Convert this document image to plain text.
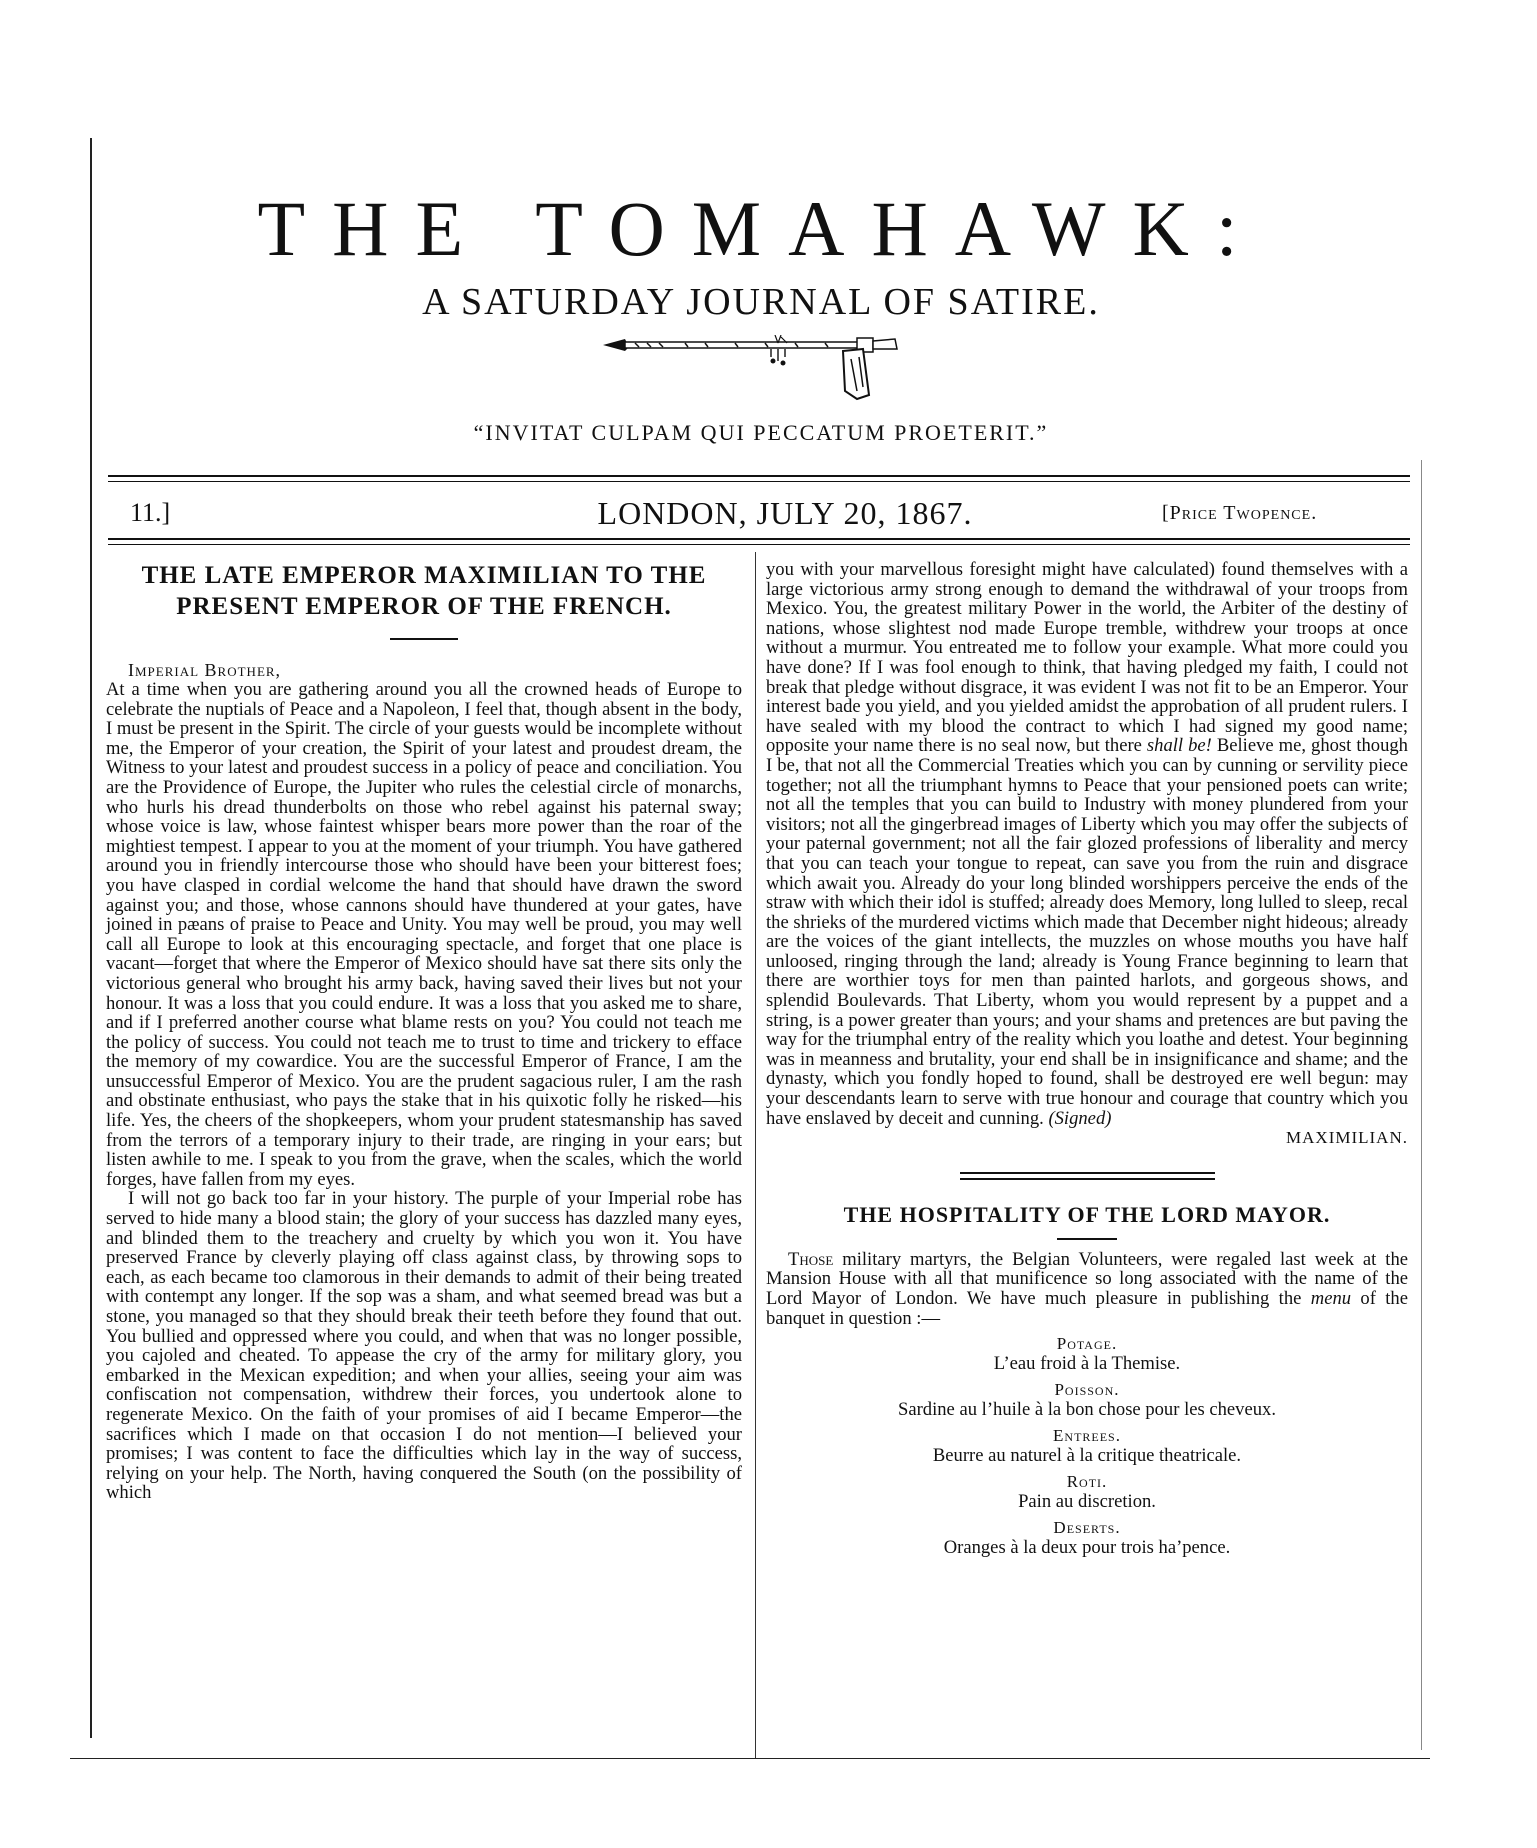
THE TOMAHAWK:
A SATURDAY JOURNAL OF SATIRE.
“INVITAT CULPAM QUI PECCATUM PROETERIT.”
11.]	LONDON, JULY 20, 1867.	[Price Twopence.
THE LATE EMPEROR MAXIMILIAN TO THE PRESENT EMPEROR OF THE FRENCH.

Imperial Brother,

At a time when you are gathering around you all the crowned heads of Europe to celebrate the nuptials of Peace and a Napoleon, I feel that, though absent in the body, I must be present in the Spirit. The circle of your guests would be incomplete without me, the Emperor of your creation, the Spirit of your latest and proudest dream, the Witness to your latest and proudest success in a policy of peace and conciliation. You are the Providence of Europe, the Jupiter who rules the celestial circle of monarchs, who hurls his dread thunderbolts on those who rebel against his paternal sway; whose voice is law, whose faintest whisper bears more power than the roar of the mightiest tempest. I appear to you at the moment of your triumph. You have gathered around you in friendly intercourse those who should have been your bitterest foes; you have clasped in cordial welcome the hand that should have drawn the sword against you; and those, whose cannons should have thundered at your gates, have joined in pæans of praise to Peace and Unity. You may well be proud, you may well call all Europe to look at this encouraging spectacle, and forget that one place is vacant—forget that where the Emperor of Mexico should have sat there sits only the victorious general who brought his army back, having saved their lives but not your honour. It was a loss that you could endure. It was a loss that you asked me to share, and if I preferred another course what blame rests on you? You could not teach me the policy of success. You could not teach me to trust to time and trickery to efface the memory of my cowardice. You are the successful Emperor of France, I am the unsuccessful Emperor of Mexico. You are the prudent sagacious ruler, I am the rash and obstinate enthusiast, who pays the stake that in his quixotic folly he risked—his life. Yes, the cheers of the shopkeepers, whom your prudent statesmanship has saved from the terrors of a temporary injury to their trade, are ringing in your ears; but listen awhile to me. I speak to you from the grave, when the scales, which the world forges, have fallen from my eyes.

I will not go back too far in your history. The purple of your Imperial robe has served to hide many a blood stain; the glory of your success has dazzled many eyes, and blinded them to the treachery and cruelty by which you won it. You have preserved France by cleverly playing off class against class, by throwing sops to each, as each became too clamorous in their demands to admit of their being treated with contempt any longer. If the sop was a sham, and what seemed bread was but a stone, you managed so that they should break their teeth before they found that out. You bullied and oppressed where you could, and when that was no longer possible, you cajoled and cheated. To appease the cry of the army for military glory, you embarked in the Mexican expedition; and when your allies, seeing your aim was confiscation not compensation, withdrew their forces, you undertook alone to regenerate Mexico. On the faith of your promises of aid I became Emperor—the sacrifices which I made on that occasion I do not mention—I believed your promises; I was content to face the difficulties which lay in the way of success, relying on your help. The North, having conquered the South (on the possibility of which

you with your marvellous foresight might have calculated) found themselves with a large victorious army strong enough to demand the withdrawal of your troops from Mexico. You, the greatest military Power in the world, the Arbiter of the destiny of nations, whose slightest nod made Europe tremble, withdrew your troops at once without a murmur. You entreated me to follow your example. What more could you have done? If I was fool enough to think, that having pledged my faith, I could not break that pledge without disgrace, it was evident I was not fit to be an Emperor. Your interest bade you yield, and you yielded amidst the approbation of all prudent rulers. I have sealed with my blood the contract to which I had signed my good name; opposite your name there is no seal now, but there shall be! Believe me, ghost though I be, that not all the Commercial Treaties which you can by cunning or servility piece together; not all the triumphant hymns to Peace that your pensioned poets can write; not all the temples that you can build to Industry with money plundered from your visitors; not all the gingerbread images of Liberty which you may offer the subjects of your paternal government; not all the fair glozed professions of liberality and mercy that you can teach your tongue to repeat, can save you from the ruin and disgrace which await you. Already do your long blinded worshippers perceive the ends of the straw with which their idol is stuffed; already does Memory, long lulled to sleep, recal the shrieks of the murdered victims which made that December night hideous; already are the voices of the giant intellects, the muzzles on whose mouths you have half unloosed, ringing through the land; already is Young France beginning to learn that there are worthier toys for men than painted harlots, and gorgeous shows, and splendid Boulevards. That Liberty, whom you would represent by a puppet and a string, is a power greater than yours; and your shams and pretences are but paving the way for the triumphal entry of the reality which you loathe and detest. Your beginning was in meanness and brutality, your end shall be in insignificance and shame; and the dynasty, which you fondly hoped to found, shall be destroyed ere well begun: may your descendants learn to serve with true honour and courage that country which you have enslaved by deceit and cunning. (Signed)

MAXIMILIAN.

THE HOSPITALITY OF THE LORD MAYOR.

Those military martyrs, the Belgian Volunteers, were regaled last week at the Mansion House with all that munificence so long associated with the name of the Lord Mayor of London. We have much pleasure in publishing the menu of the banquet in question :—

Potage.
L’eau froid à la Themise.
Poisson.
Sardine au l’huile à la bon chose pour les cheveux.
Entrees.
Beurre au naturel à la critique theatricale.
Roti.
Pain au discretion.
Deserts.
Oranges à la deux pour trois ha’pence.
